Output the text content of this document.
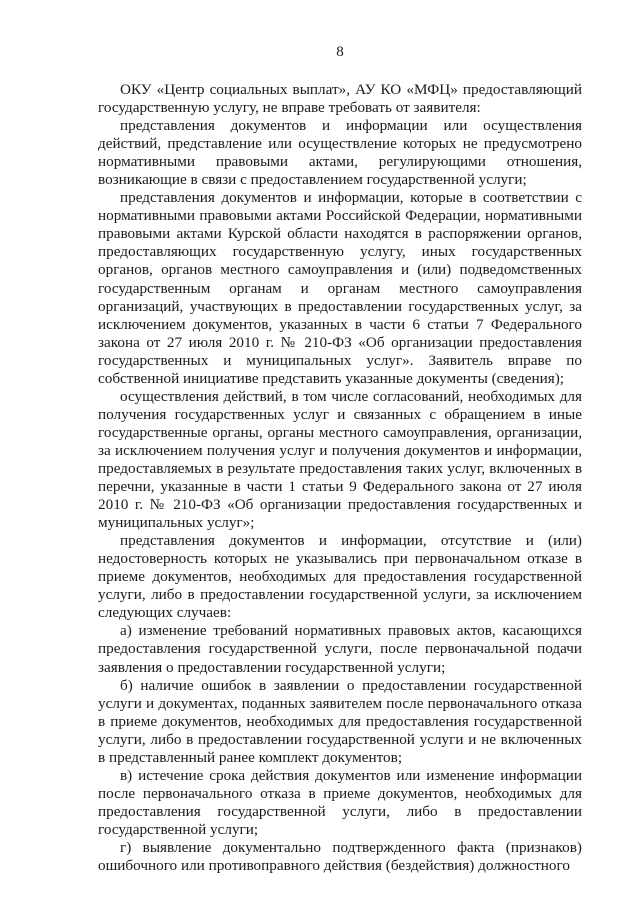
8

ОКУ «Центр социальных выплат», АУ КО «МФЦ» предоставляющий государственную услугу, не вправе требовать от заявителя:

представления документов и информации или осуществления действий, представление или осуществление которых не предусмотрено нормативными правовыми актами, регулирующими отношения, возникающие в связи с предоставлением государственной услуги;

представления документов и информации, которые в соответствии с нормативными правовыми актами Российской Федерации, нормативными правовыми актами Курской области находятся в распоряжении органов, предоставляющих государственную услугу, иных государственных органов, органов местного самоуправления и (или) подведомственных государственным органам и органам местного самоуправления организаций, участвующих в предоставлении государственных услуг, за исключением документов, указанных в части 6 статьи 7 Федерального закона от 27 июля 2010 г. № 210-ФЗ «Об организации предоставления государственных и муниципальных услуг». Заявитель вправе по собственной инициативе представить указанные документы (сведения);

осуществления действий, в том числе согласований, необходимых для получения государственных услуг и связанных с обращением в иные государственные органы, органы местного самоуправления, организации, за исключением получения услуг и получения документов и информации, предоставляемых в результате предоставления таких услуг, включенных в перечни, указанные в части 1 статьи 9 Федерального закона от 27 июля 2010 г. № 210-ФЗ «Об организации предоставления государственных и муниципальных услуг»;

представления документов и информации, отсутствие и (или) недостоверность которых не указывались при первоначальном отказе в приеме документов, необходимых для предоставления государственной услуги, либо в предоставлении государственной услуги, за исключением следующих случаев:

а) изменение требований нормативных правовых актов, касающихся предоставления государственной услуги, после первоначальной подачи заявления о предоставлении государственной услуги;

б) наличие ошибок в заявлении о предоставлении государственной услуги и документах, поданных заявителем после первоначального отказа в приеме документов, необходимых для предоставления государственной услуги, либо в предоставлении государственной услуги и не включенных в представленный ранее комплект документов;

в) истечение срока действия документов или изменение информации после первоначального отказа в приеме документов, необходимых для предоставления государственной услуги, либо в предоставлении государственной услуги;

г) выявление документально подтвержденного факта (признаков) ошибочного или противоправного действия (бездействия) должностного
